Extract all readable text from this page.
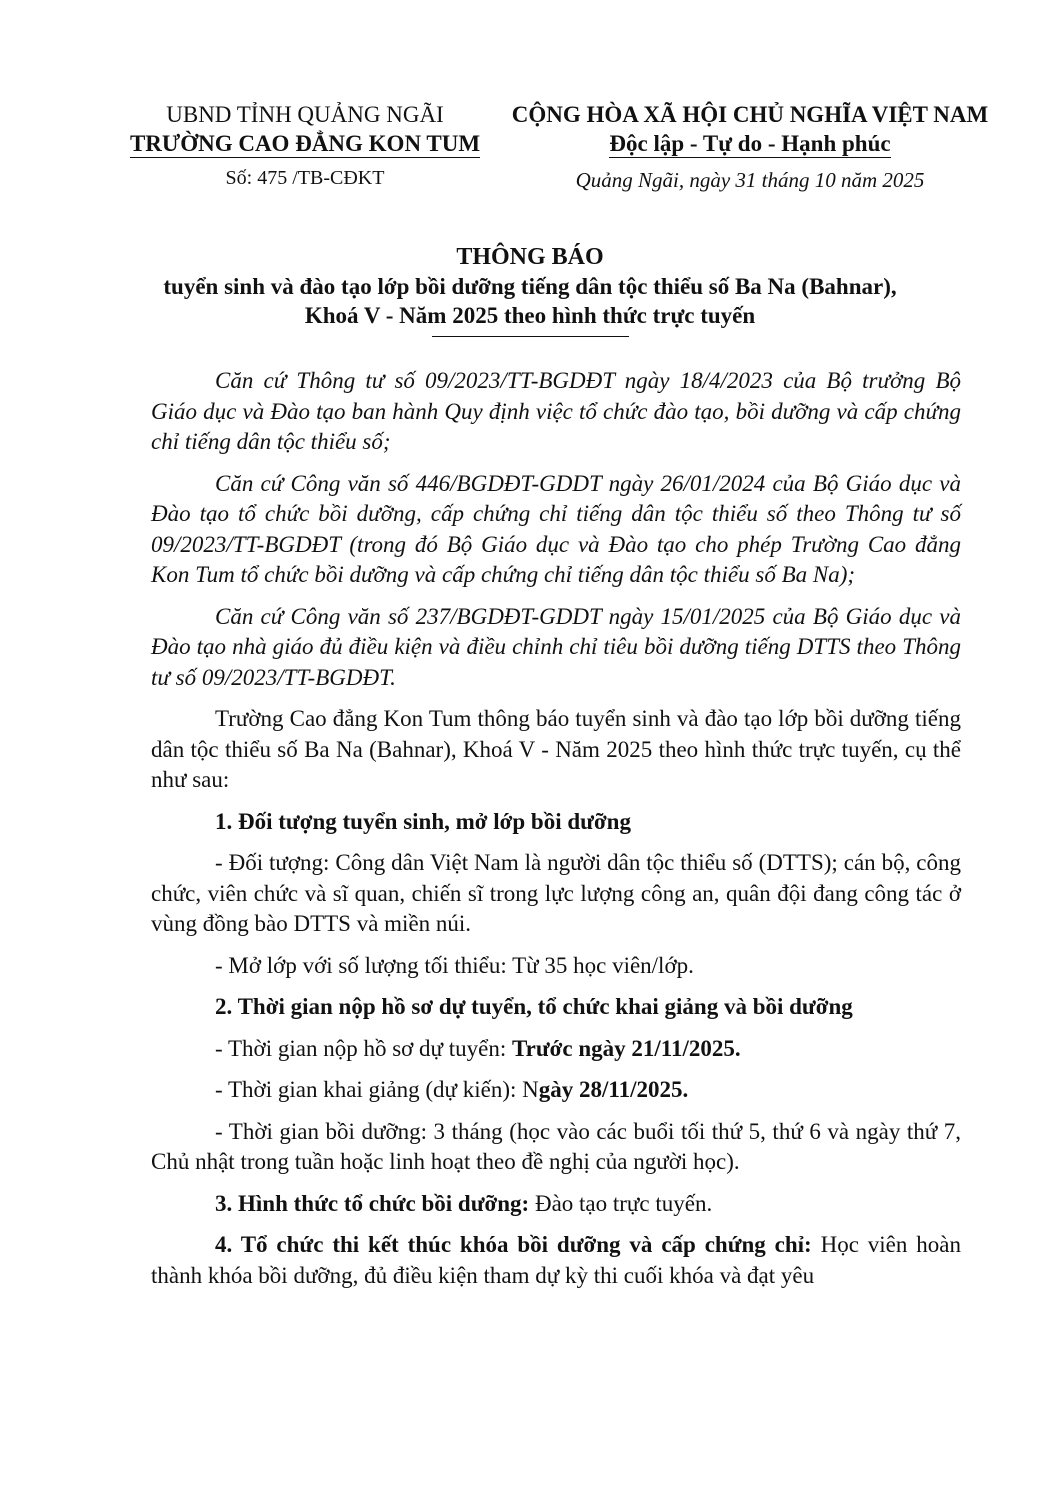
UBND TỈNH QUẢNG NGÃI
TRƯỜNG CAO ĐẲNG KON TUM
Số: 475 /TB-CĐKT
CỘNG HÒA XÃ HỘI CHỦ NGHĨA VIỆT NAM
Độc lập - Tự do - Hạnh phúc
Quảng Ngãi, ngày 31 tháng 10 năm 2025
THÔNG BÁO
tuyển sinh và đào tạo lớp bồi dưỡng tiếng dân tộc thiểu số Ba Na (Bahnar),
Khoá V - Năm 2025 theo hình thức trực tuyến

Căn cứ Thông tư số 09/2023/TT-BGDĐT ngày 18/4/2023 của Bộ trưởng Bộ Giáo dục và Đào tạo ban hành Quy định việc tổ chức đào tạo, bồi dưỡng và cấp chứng chỉ tiếng dân tộc thiểu số;

Căn cứ Công văn số 446/BGDĐT-GDDT ngày 26/01/2024 của Bộ Giáo dục và Đào tạo tổ chức bồi dưỡng, cấp chứng chỉ tiếng dân tộc thiểu số theo Thông tư số 09/2023/TT-BGDĐT (trong đó Bộ Giáo dục và Đào tạo cho phép Trường Cao đẳng Kon Tum tổ chức bồi dưỡng và cấp chứng chỉ tiếng dân tộc thiểu số Ba Na);

Căn cứ Công văn số 237/BGDĐT-GDDT ngày 15/01/2025 của Bộ Giáo dục và Đào tạo nhà giáo đủ điều kiện và điều chỉnh chỉ tiêu bồi dưỡng tiếng DTTS theo Thông tư số 09/2023/TT-BGDĐT.

Trường Cao đẳng Kon Tum thông báo tuyển sinh và đào tạo lớp bồi dưỡng tiếng dân tộc thiểu số Ba Na (Bahnar), Khoá V - Năm 2025 theo hình thức trực tuyến, cụ thể như sau:

1. Đối tượng tuyển sinh, mở lớp bồi dưỡng

- Đối tượng: Công dân Việt Nam là người dân tộc thiểu số (DTTS); cán bộ, công chức, viên chức và sĩ quan, chiến sĩ trong lực lượng công an, quân đội đang công tác ở vùng đồng bào DTTS và miền núi.

- Mở lớp với số lượng tối thiểu: Từ 35 học viên/lớp.

2. Thời gian nộp hồ sơ dự tuyển, tổ chức khai giảng và bồi dưỡng

- Thời gian nộp hồ sơ dự tuyển: Trước ngày 21/11/2025.

- Thời gian khai giảng (dự kiến): Ngày 28/11/2025.

- Thời gian bồi dưỡng: 3 tháng (học vào các buổi tối thứ 5, thứ 6 và ngày thứ 7, Chủ nhật trong tuần hoặc linh hoạt theo đề nghị của người học).

3. Hình thức tổ chức bồi dưỡng: Đào tạo trực tuyến.

4. Tổ chức thi kết thúc khóa bồi dưỡng và cấp chứng chỉ: Học viên hoàn thành khóa bồi dưỡng, đủ điều kiện tham dự kỳ thi cuối khóa và đạt yêu
